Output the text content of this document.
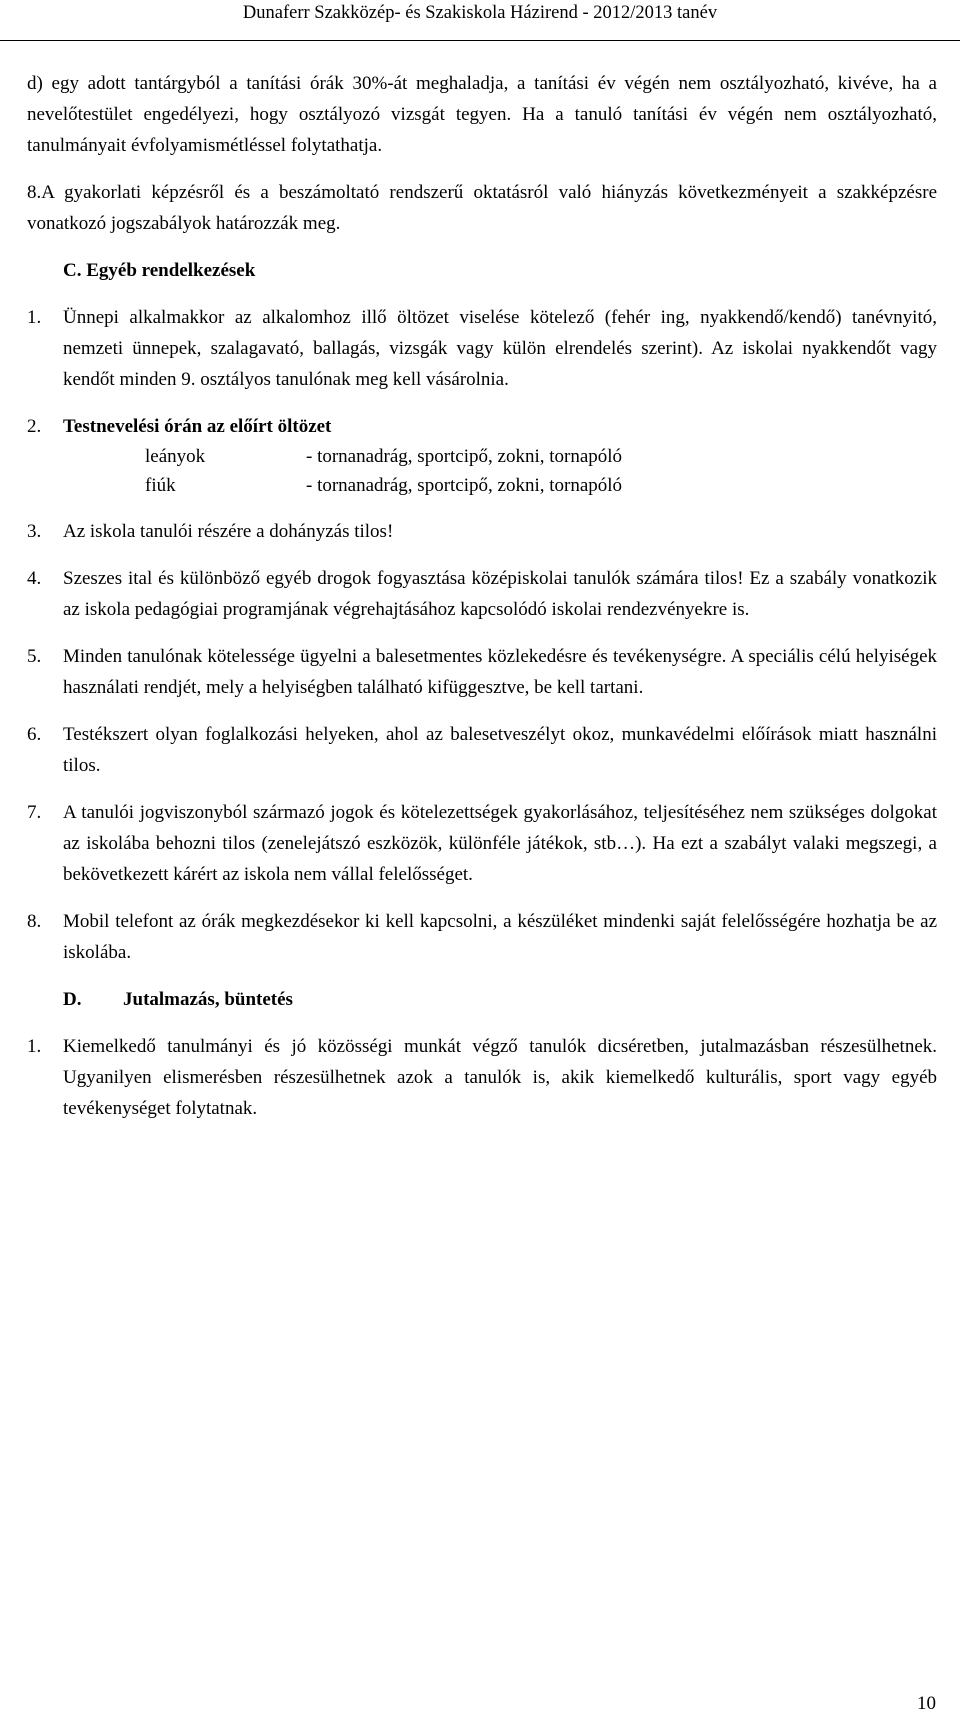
Dunaferr Szakközép- és Szakiskola Házirend - 2012/2013 tanév

d) egy adott tantárgyból a tanítási órák 30%-át meghaladja, a tanítási év végén nem osztályozható, kivéve, ha a nevelőtestület engedélyezi, hogy osztályozó vizsgát tegyen. Ha a tanuló tanítási év végén nem osztályozható, tanulmányait évfolyamismétléssel folytathatja.

8.A gyakorlati képzésről és a beszámoltató rendszerű oktatásról való hiányzás következményeit a szakképzésre vonatkozó jogszabályok határozzák meg.

C. Egyéb rendelkezések
1.	Ünnepi alkalmakkor az alkalomhoz illő öltözet viselése kötelező (fehér ing, nyakkendő/kendő) tanévnyitó, nemzeti ünnepek, szalagavató, ballagás, vizsgák vagy külön elrendelés szerint). Az iskolai nyakkendőt vagy kendőt minden 9. osztályos tanulónak meg kell vásárolnia.
2.	Testnevelési órán az előírt öltözet
leányok	- tornanadrág, sportcipő, zokni, tornapóló
fiúk	- tornanadrág, sportcipő, zokni, tornapóló
3.	Az iskola tanulói részére a dohányzás tilos!
4.	Szeszes ital és különböző egyéb drogok fogyasztása középiskolai tanulók számára tilos! Ez a szabály vonatkozik az iskola pedagógiai programjának végrehajtásához kapcsolódó iskolai rendezvényekre is.
5.	Minden tanulónak kötelessége ügyelni a balesetmentes közlekedésre és tevékenységre. A speciális célú helyiségek használati rendjét, mely a helyiségben található kifüggesztve, be kell tartani.
6.	Testékszert olyan foglalkozási helyeken, ahol az balesetveszélyt okoz, munkavédelmi előírások miatt használni tilos.
7.	A tanulói jogviszonyból származó jogok és kötelezettségek gyakorlásához, teljesítéséhez nem szükséges dolgokat az iskolába behozni tilos (zenelejátszó eszközök, különféle játékok, stb…). Ha ezt a szabályt valaki megszegi, a bekövetkezett kárért az iskola nem vállal felelősséget.
8.	Mobil telefont az órák megkezdésekor ki kell kapcsolni, a készüléket mindenki saját felelősségére hozhatja be az iskolába.
D. Jutalmazás, büntetés
1.	Kiemelkedő tanulmányi és jó közösségi munkát végző tanulók dicséretben, jutalmazásban részesülhetnek. Ugyanilyen elismerésben részesülhetnek azok a tanulók is, akik kiemelkedő kulturális, sport vagy egyéb tevékenységet folytatnak.
10
